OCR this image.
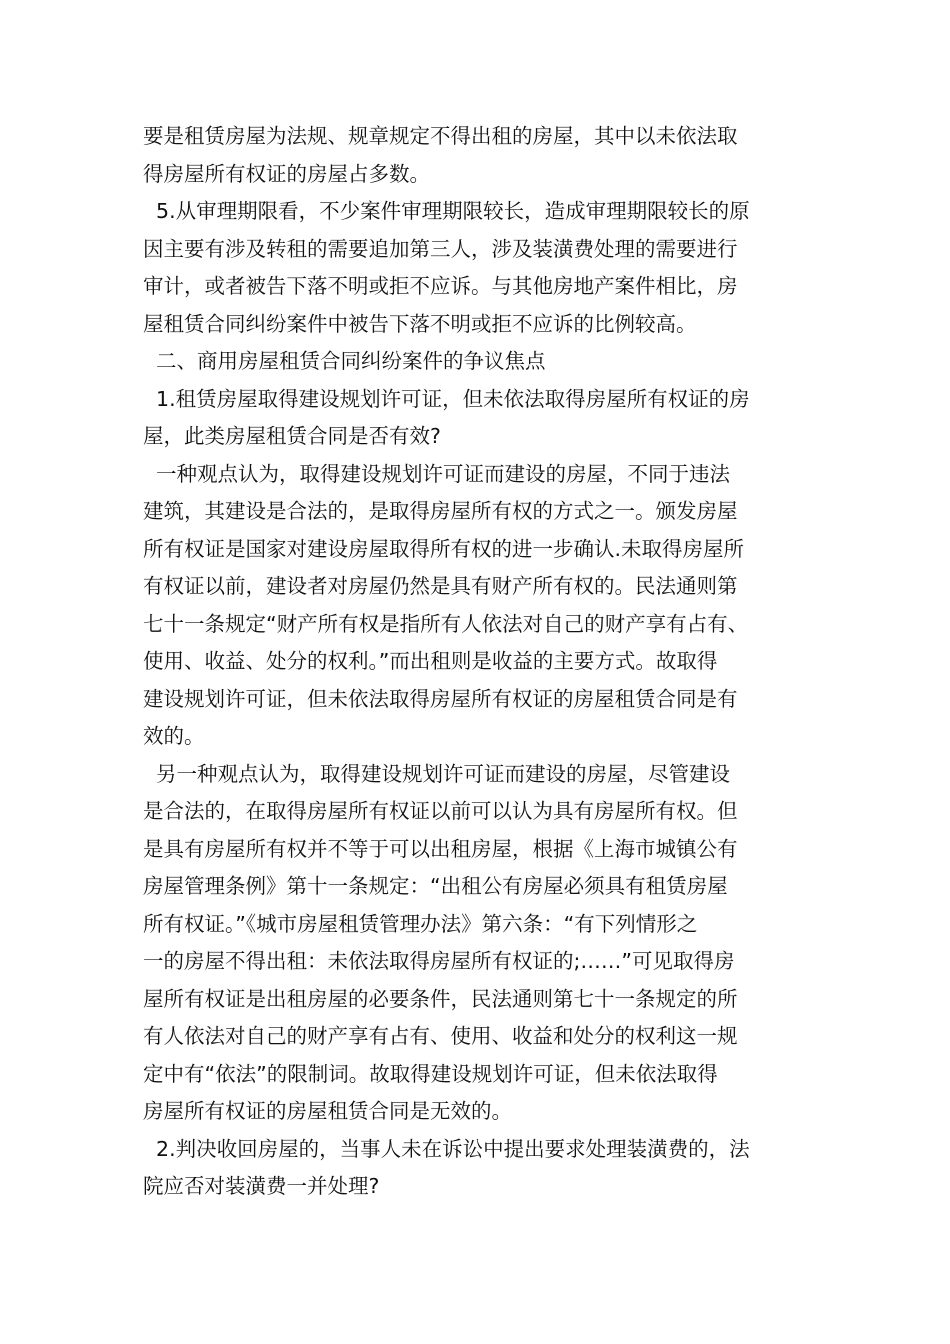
要是租赁房屋为法规、规章规定不得出租的房屋，其中以未依法取
得房屋所有权证的房屋占多数。
5.从审理期限看，不少案件审理期限较长，造成审理期限较长的原
因主要有涉及转租的需要追加第三人，涉及装潢费处理的需要进行
审计，或者被告下落不明或拒不应诉。与其他房地产案件相比，房
屋租赁合同纠纷案件中被告下落不明或拒不应诉的比例较高。
二、商用房屋租赁合同纠纷案件的争议焦点
1.租赁房屋取得建设规划许可证，但未依法取得房屋所有权证的房
屋，此类房屋租赁合同是否有效?
一种观点认为，取得建设规划许可证而建设的房屋，不同于违法
建筑，其建设是合法的，是取得房屋所有权的方式之一。颁发房屋
所有权证是国家对建设房屋取得所有权的进一步确认.未取得房屋所
有权证以前，建设者对房屋仍然是具有财产所有权的。民法通则第
七十一条规定“财产所有权是指所有人依法对自己的财产享有占有、
使用、收益、处分的权利。”而出租则是收益的主要方式。故取得
建设规划许可证，但未依法取得房屋所有权证的房屋租赁合同是有
效的。
另一种观点认为，取得建设规划许可证而建设的房屋，尽管建设
是合法的，在取得房屋所有权证以前可以认为具有房屋所有权。但
是具有房屋所有权并不等于可以出租房屋，根据《上海市城镇公有
房屋管理条例》第十一条规定：“出租公有房屋必须具有租赁房屋
所有权证。”《城市房屋租赁管理办法》第六条：“有下列情形之
一的房屋不得出租：未依法取得房屋所有权证的;……”可见取得房
屋所有权证是出租房屋的必要条件，民法通则第七十一条规定的所
有人依法对自己的财产享有占有、使用、收益和处分的权利这一规
定中有“依法”的限制词。故取得建设规划许可证，但未依法取得
房屋所有权证的房屋租赁合同是无效的。
2.判决收回房屋的，当事人未在诉讼中提出要求处理装潢费的，法
院应否对装潢费一并处理?
